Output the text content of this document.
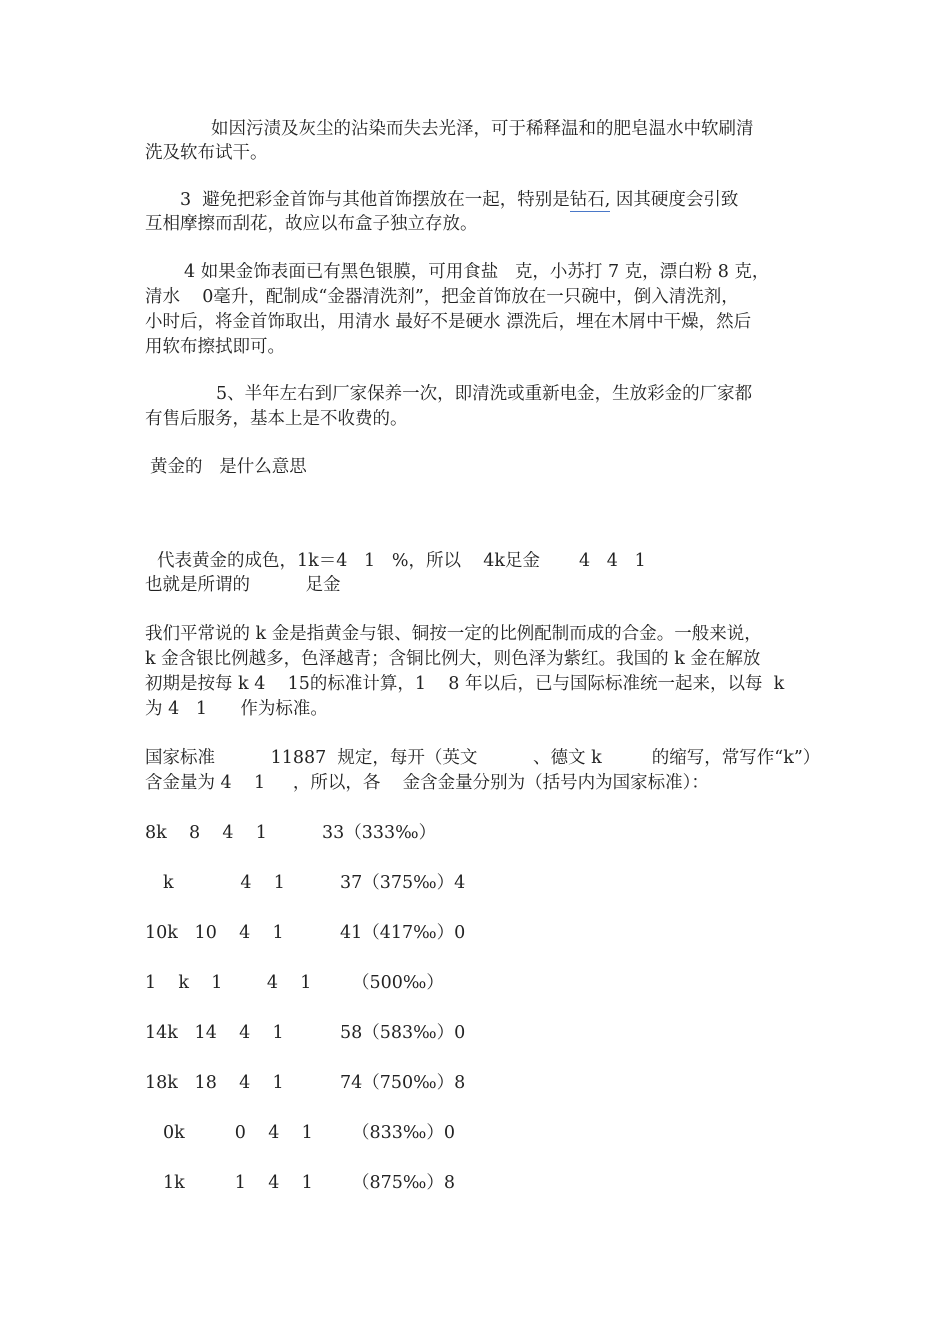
如因污渍及灰尘的沾染而失去光泽，可于稀释温和的肥皂温水中软刷清
洗及软布试干。
3  避免把彩金首饰与其他首饰摆放在一起，特别是钻石, 因其硬度会引致
互相摩擦而刮花，故应以布盒子独立存放。
4 如果金饰表面已有黑色银膜，可用食盐   克，小苏打 7 克，漂白粉 8 克，
清水    0毫升，配制成“金器清洗剂”，把金首饰放在一只碗中，倒入清洗剂，
小时后，将金首饰取出，用清水 最好不是硬水 漂洗后，埋在木屑中干燥，然后
用软布擦拭即可。
5、半年左右到厂家保养一次，即清洗或重新电金，生放彩金的厂家都
有售后服务，基本上是不收费的。
黄金的   是什么意思
代表黄金的成色，1k＝4   1   %，所以    4k足金       4   4   1
也就是所谓的          足金
我们平常说的 k 金是指黄金与银、铜按一定的比例配制而成的合金。一般来说，
k 金含银比例越多，色泽越青；含铜比例大，则色泽为紫红。我国的 k 金在解放
初期是按每 k 4    15的标准计算，1    8 年以后，已与国际标准统一起来，以每  k
为 4   1      作为标准。
国家标准          11887  规定，每开（英文          、德文 k         的缩写，常写作“k”）
含金量为 4    1     ，所以，各    金含金量分别为（括号内为国家标准）：
8k    8    4    1	33（333‰）
k            4    1	37（375‰）4
10k   10    4    1	41（417‰）0
1    k    1        4    1 （500‰）
14k   14    4    1	58（583‰）0
18k   18    4    1	74（750‰）8
0k         0    4    1 （833‰）0
1k         1    4    1 （875‰）8
